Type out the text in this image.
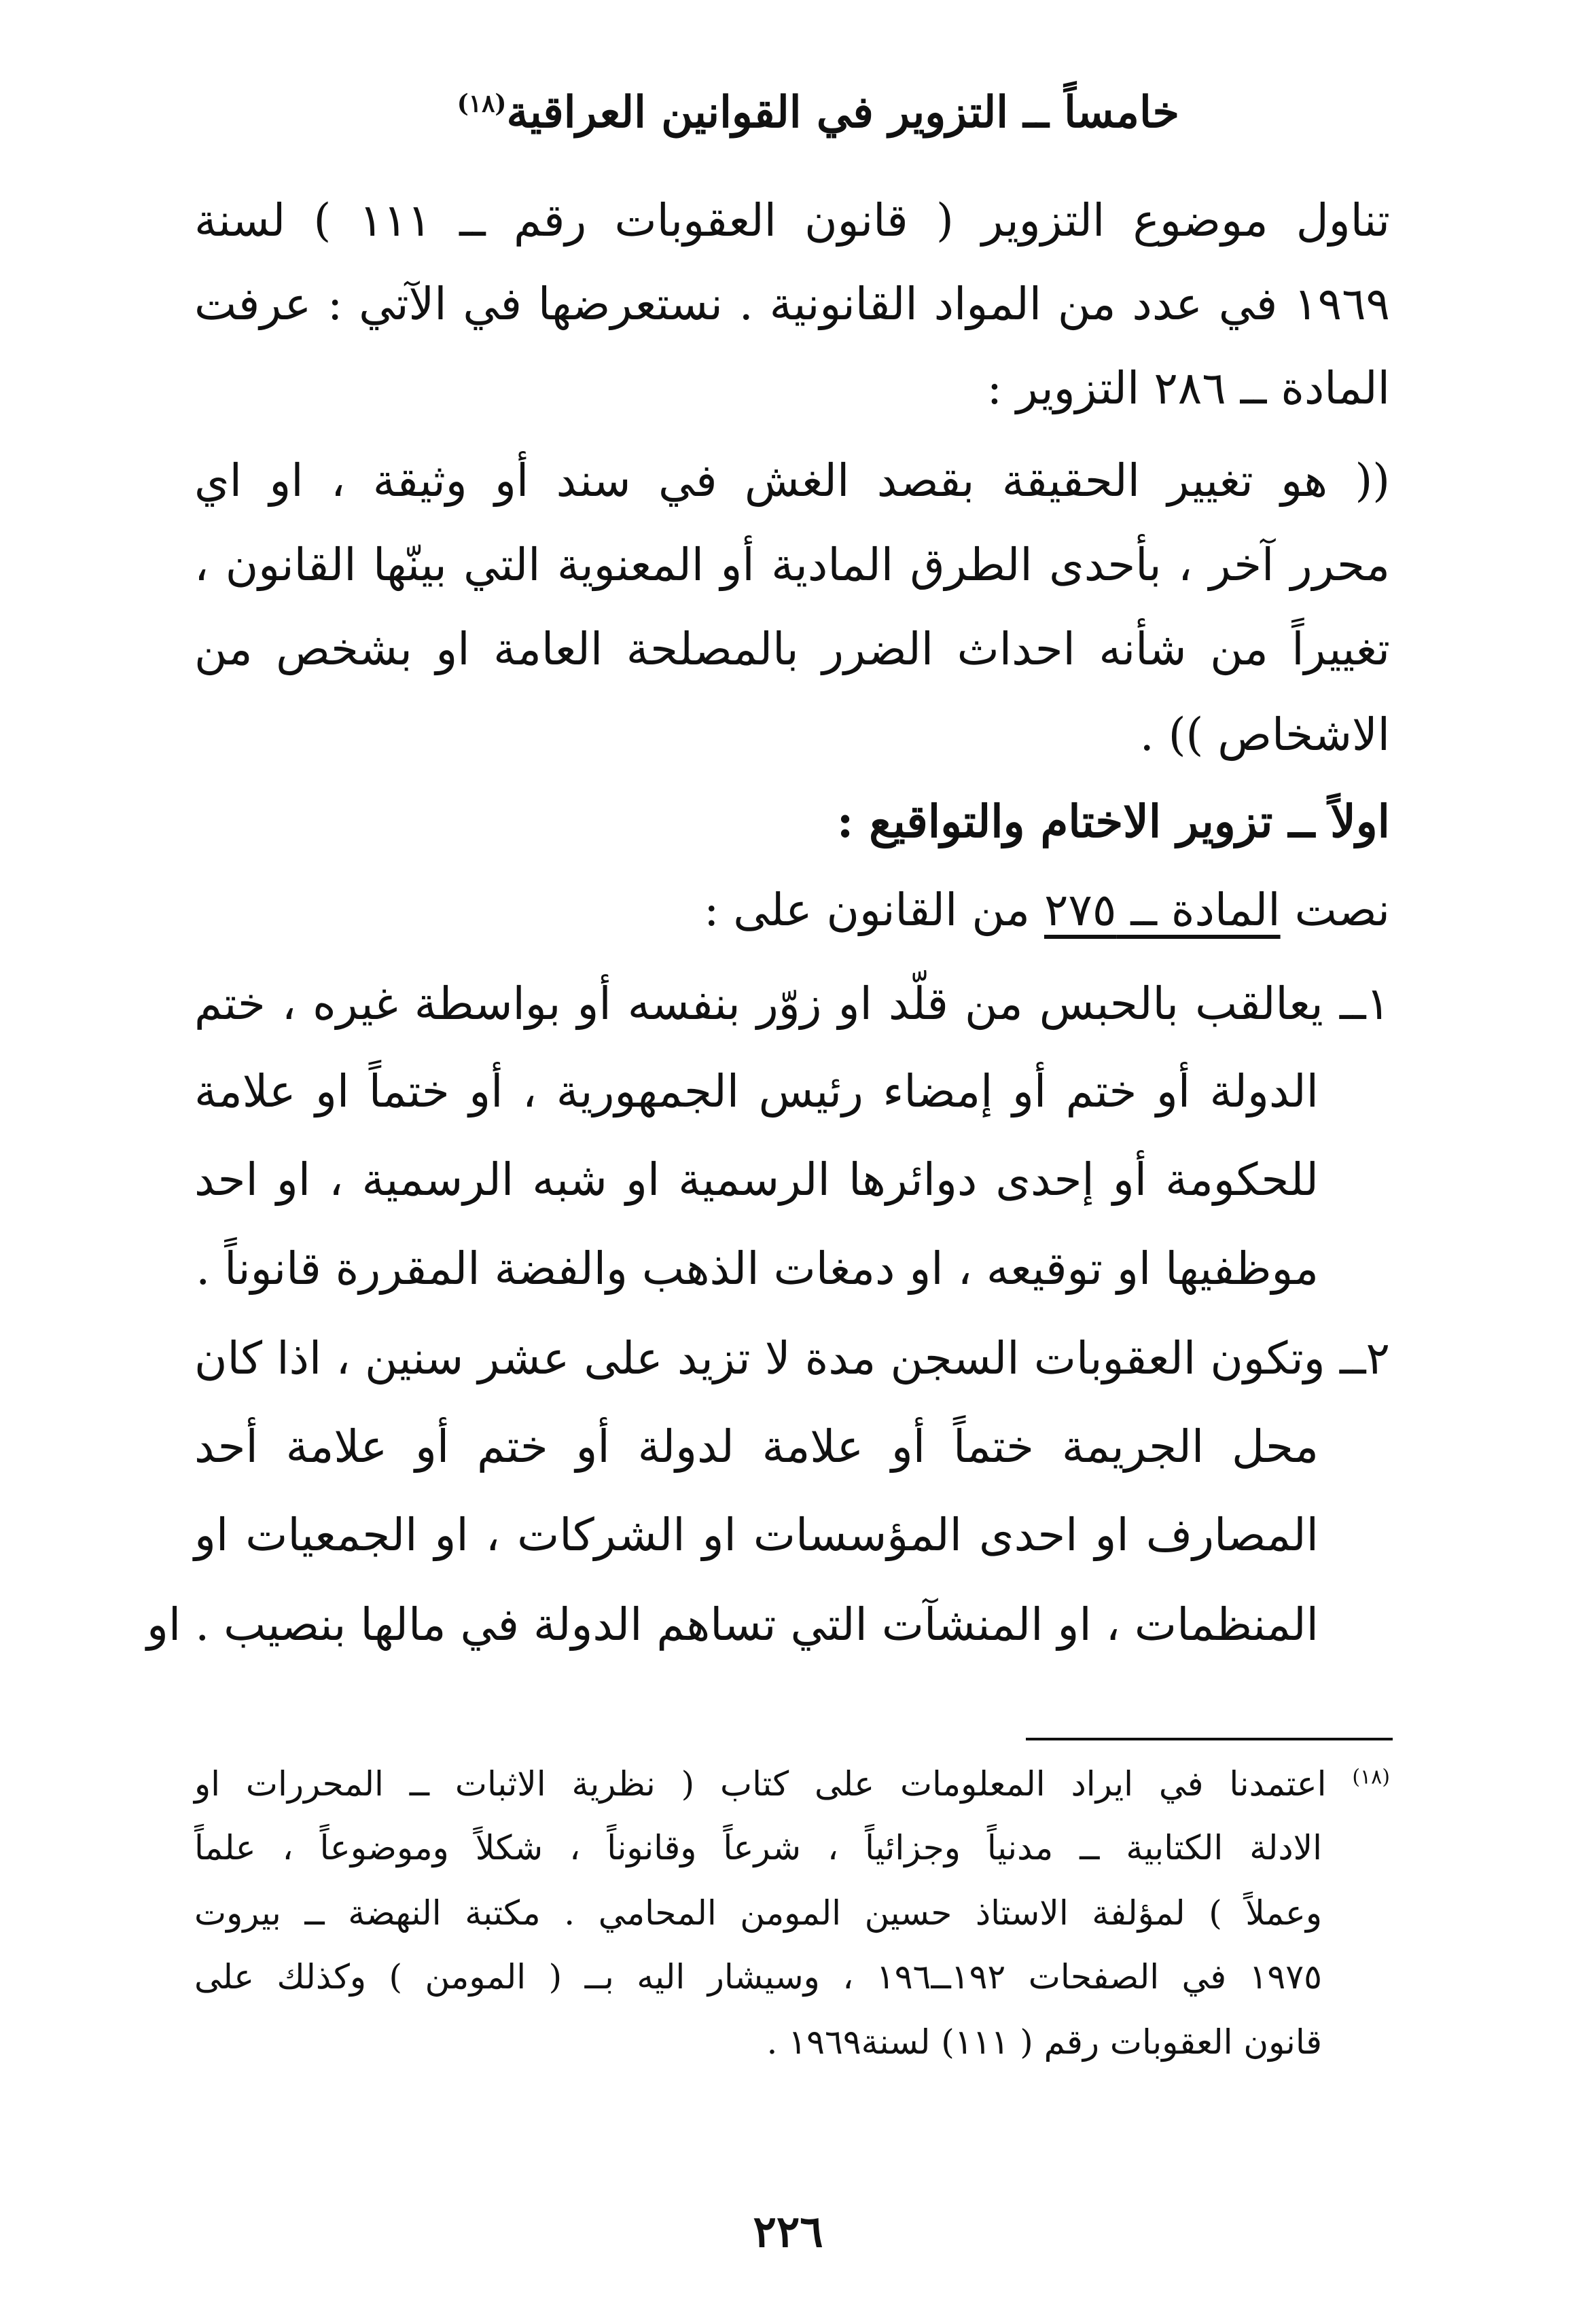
خامساً ــ التزوير في القوانين العراقية$^{(١٨)}$
تناول موضوع التزوير ( قانون العقوبات رقم ــ ١١١ ) لسنة
١٩٦٩ في عدد من المواد القانونية . نستعرضها في الآتي : عرفت
المادة ــ ٢٨٦ التزوير :
(( هو تغيير الحقيقة بقصد الغش في سند أو وثيقة ، او اي
محرر آخر ، بأحدى الطرق المادية أو المعنوية التي بينّها القانون ،
تغييراً من شأنه احداث الضرر بالمصلحة العامة او بشخص من
الاشخاص )) .
اولاً ــ تزوير الاختام والتواقيع :
نصت المادة ــ ٢٧٥ من القانون على :
١ــ يعالقب بالحبس من قلّد او زوّر بنفسه أو بواسطة غيره ، ختم
الدولة أو ختم أو إمضاء رئيس الجمهورية ، أو ختماً او علامة
للحكومة أو إحدى دوائرها الرسمية او شبه الرسمية ، او احد
موظفيها او توقيعه ، او دمغات الذهب والفضة المقررة قانوناً .
٢ــ وتكون العقوبات السجن مدة لا تزيد على عشر سنين ، اذا كان
محل الجريمة ختماً أو علامة لدولة أو ختم أو علامة أحد
المصارف او احدى المؤسسات او الشركات ، او الجمعيات او
المنظمات ، او المنشآت التي تساهم الدولة في مالها بنصيب . او
$^{(١٨)}$ اعتمدنا في ايراد المعلومات على كتاب ( نظرية الاثبات ــ المحررات او
الادلة الكتابية ــ مدنياً وجزائياً ، شرعاً وقانوناً ، شكلاً وموضوعاً ، علماً
وعملاً ) لمؤلفة الاستاذ حسين المومن المحامي . مكتبة النهضة ــ بيروت
١٩٧٥ في الصفحات ١٩٢ــ١٩٦ ، وسيشار اليه بــ ( المومن ) وكذلك على
قانون العقوبات رقم ( ١١١) لسنة١٩٦٩ .
٢٢٦
